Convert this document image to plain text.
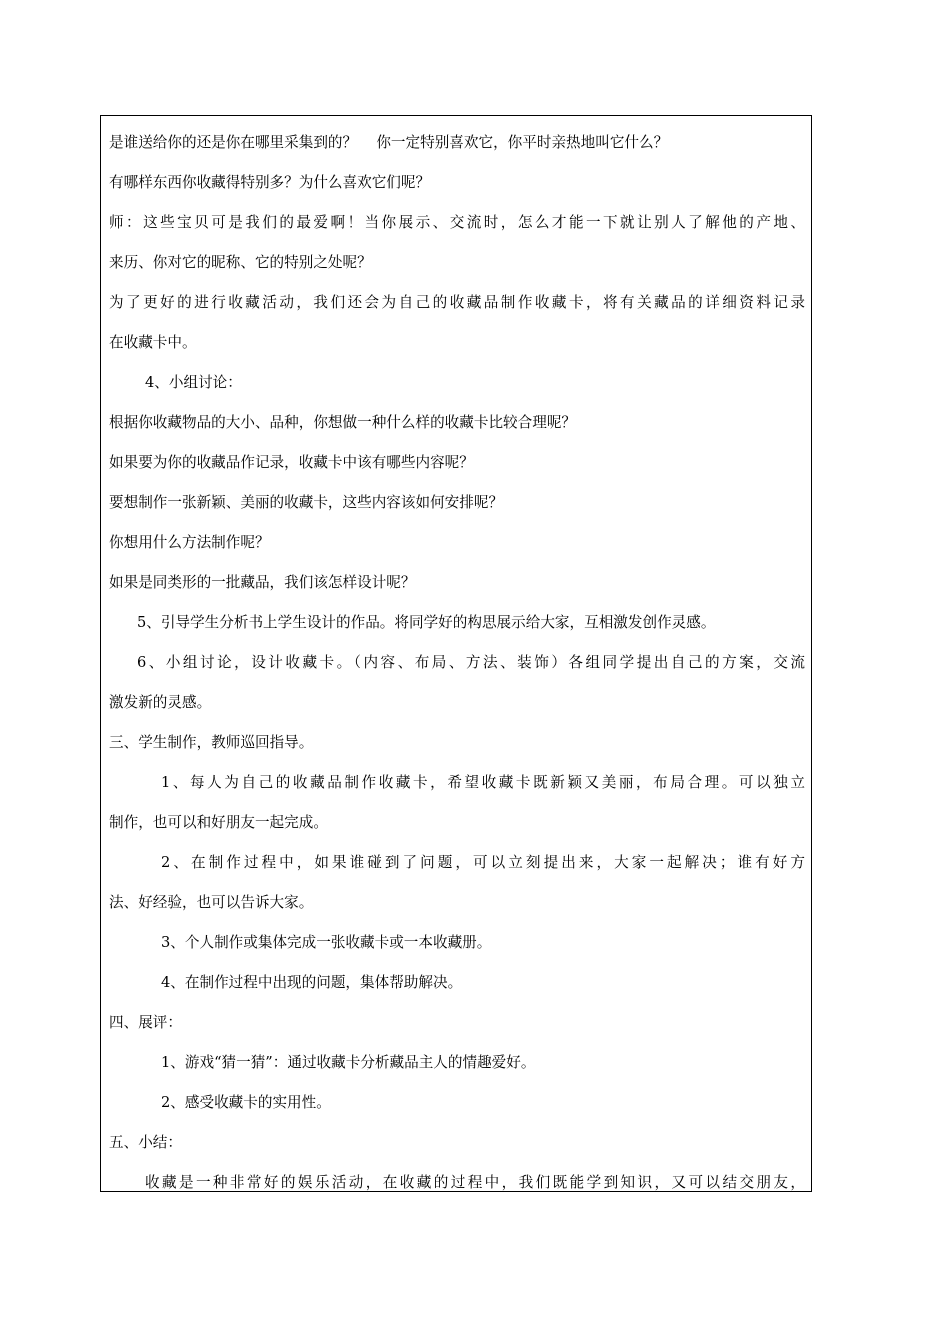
是谁送给你的还是你在哪里采集到的？　 你一定特别喜欢它，你平时亲热地叫它什么？
有哪样东西你收藏得特别多？为什么喜欢它们呢？
师：这些宝贝可是我们的最爱啊！当你展示、交流时，怎么才能一下就让别人了解他的产地、
来历、你对它的昵称、它的特别之处呢？
为了更好的进行收藏活动，我们还会为自己的收藏品制作收藏卡，将有关藏品的详细资料记录
在收藏卡中。
4、小组讨论：
根据你收藏物品的大小、品种，你想做一种什么样的收藏卡比较合理呢？
如果要为你的收藏品作记录，收藏卡中该有哪些内容呢？
要想制作一张新颖、美丽的收藏卡，这些内容该如何安排呢？
你想用什么方法制作呢？
如果是同类形的一批藏品，我们该怎样设计呢？
5、引导学生分析书上学生设计的作品。将同学好的构思展示给大家，互相激发创作灵感。
6、小组讨论，设计收藏卡。（内容、布局、方法、装饰）各组同学提出自己的方案，交流
激发新的灵感。
三、学生制作，教师巡回指导。
1、每人为自己的收藏品制作收藏卡，希望收藏卡既新颖又美丽，布局合理。可以独立
制作，也可以和好朋友一起完成。
2、在制作过程中，如果谁碰到了问题，可以立刻提出来，大家一起解决；谁有好方
法、好经验，也可以告诉大家。
3、个人制作或集体完成一张收藏卡或一本收藏册。
4、在制作过程中出现的问题，集体帮助解决。
四、展评：
1、游戏“猜一猜”：通过收藏卡分析藏品主人的情趣爱好。
2、感受收藏卡的实用性。
五、小结：
收藏是一种非常好的娱乐活动，在收藏的过程中，我们既能学到知识，又可以结交朋友，
